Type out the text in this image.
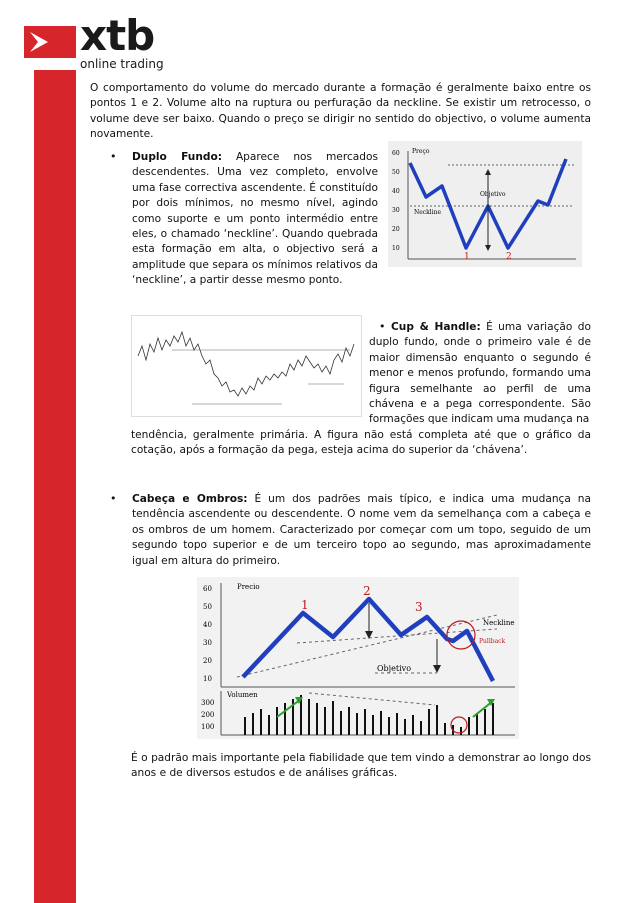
xtb
online trading
O comportamento do volume do mercado durante a formação é geralmente baixo entre os pontos 1 e 2. Volume alto na ruptura ou perfuração da neckline. Se existir um retrocesso, o volume deve ser baixo. Quando o preço se dirigir no sentido do objectivo, o volume aumenta novamente.
• Duplo Fundo: Aparece nos mercados descendentes. Uma vez completo, envolve uma fase correctiva ascendente. É constituído por dois mínimos, no mesmo nível, agindo como suporte e um ponto intermédio entre eles, o chamado ‘neckline’. Quando quebrada esta formação em alta, o objectivo será a amplitude que separa os mínimos relativos da ‘neckline’, a partir desse mesmo ponto.
60
50
40
30
20
10
Preço
Neckline
Objetivo
1	2
• Cup & Handle: É uma variação do duplo fundo, onde o primeiro vale é de maior dimensão enquanto o segundo é menor e menos profundo, formando uma figura semelhante ao perfil de uma chávena e a pega correspondente. São formações que indicam uma mudança na
tendência, geralmente primária. A figura não está completa até que o gráfico da cotação, após a formação da pega, esteja acima do superior da ‘chávena’.
• Cabeça e Ombros: É um dos padrões mais típico, e indica uma mudança na tendência ascendente ou descendente. O nome vem da semelhança com a cabeça e os ombros de um homem. Caracterizado por começar com um topo, seguido de um segundo topo superior e de um terceiro topo ao segundo, mas aproximadamente igual em altura do primeiro.
Precio
60
50
40
30
20
10
Neckline
Pullback
Objetivo
1
2
3
Volumen
300
200
100
É o padrão mais importante pela fiabilidade que tem vindo a demonstrar ao longo dos anos e de diversos estudos e de análises gráficas.
